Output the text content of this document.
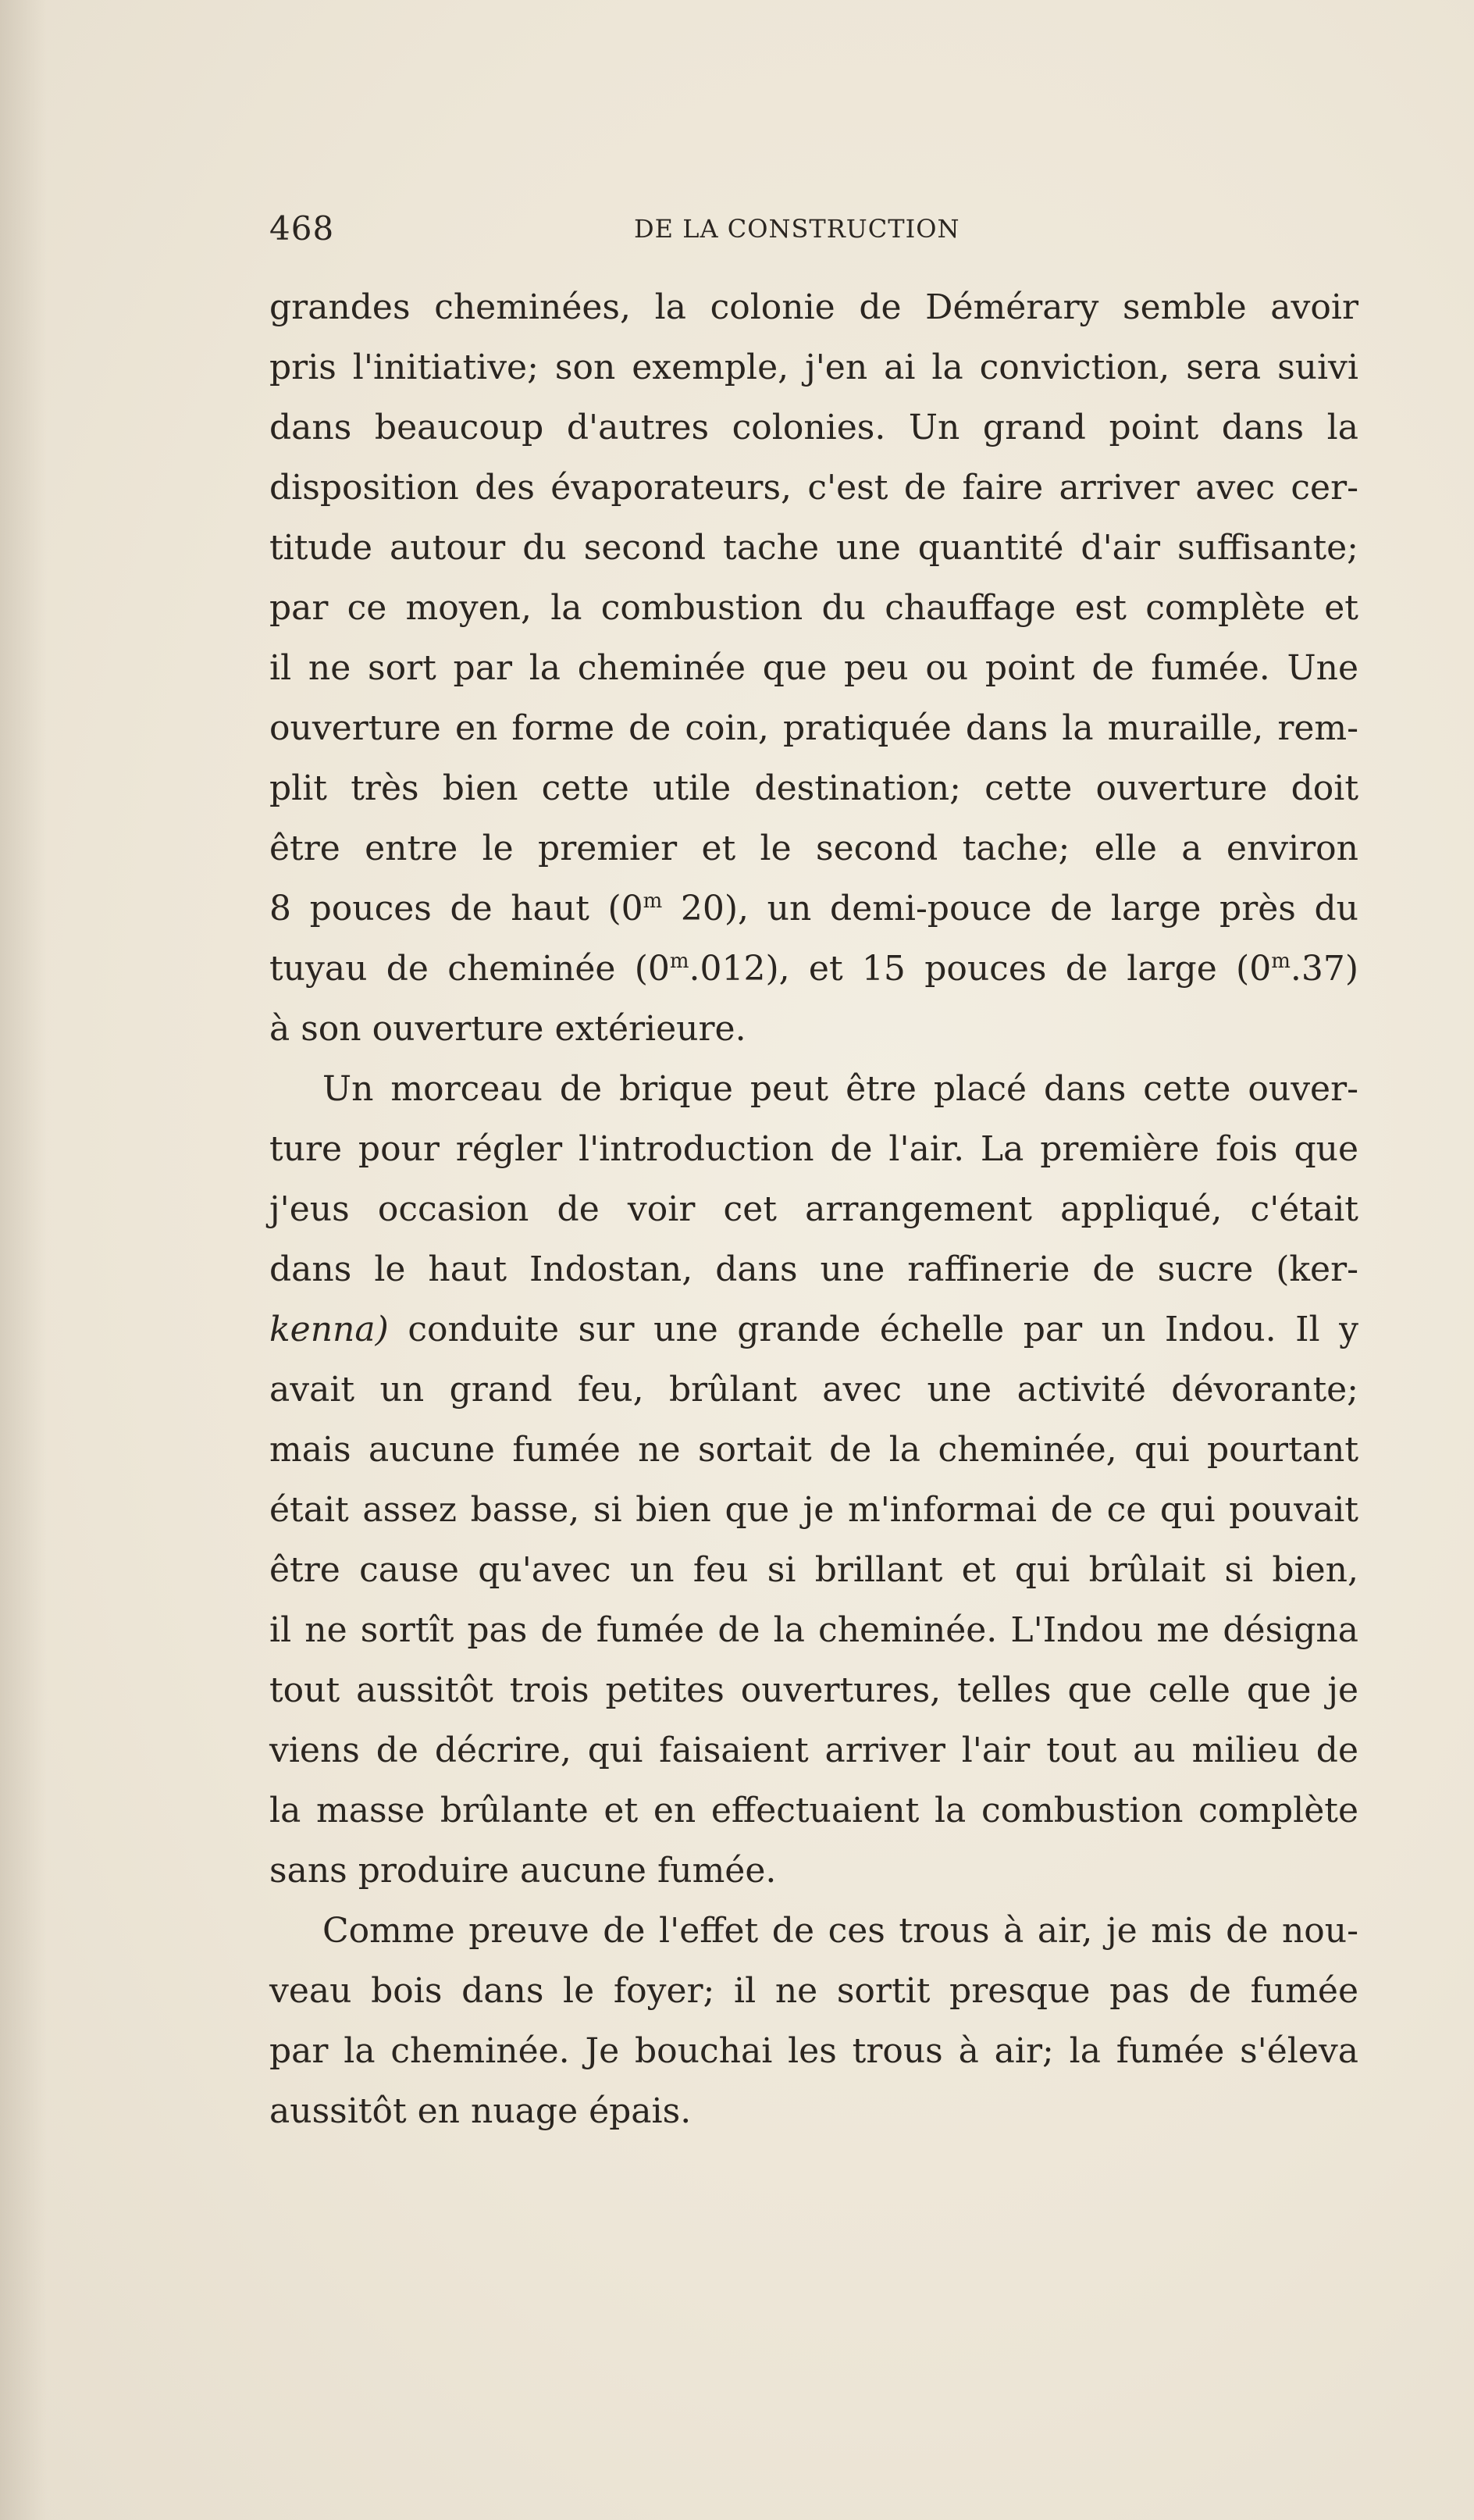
468	DE LA CONSTRUCTION

grandes cheminées, la colonie de Démérary semble avoir
pris l'initiative; son exemple, j'en ai la conviction, sera suivi
dans beaucoup d'autres colonies. Un grand point dans la
disposition des évaporateurs, c'est de faire arriver avec cer-
titude autour du second tache une quantité d'air suffisante;
par ce moyen, la combustion du chauffage est complète et
il ne sort par la cheminée que peu ou point de fumée. Une
ouverture en forme de coin, pratiquée dans la muraille, rem-
plit très bien cette utile destination; cette ouverture doit
être entre le premier et le second tache; elle a environ
8 pouces de haut (0$^m$ 20), un demi-pouce de large près du
tuyau de cheminée (0$^m$.012), et 15 pouces de large (0$^m$.37)
à son ouverture extérieure.

Un morceau de brique peut être placé dans cette ouver-
ture pour régler l'introduction de l'air. La première fois que
j'eus occasion de voir cet arrangement appliqué, c'était
dans le haut Indostan, dans une raffinerie de sucre (ker-
kenna) conduite sur une grande échelle par un Indou. Il y
avait un grand feu, brûlant avec une activité dévorante;
mais aucune fumée ne sortait de la cheminée, qui pourtant
était assez basse, si bien que je m'informai de ce qui pouvait
être cause qu'avec un feu si brillant et qui brûlait si bien,
il ne sortît pas de fumée de la cheminée. L'Indou me désigna
tout aussitôt trois petites ouvertures, telles que celle que je
viens de décrire, qui faisaient arriver l'air tout au milieu de
la masse brûlante et en effectuaient la combustion complète
sans produire aucune fumée.

Comme preuve de l'effet de ces trous à air, je mis de nou-
veau bois dans le foyer; il ne sortit presque pas de fumée
par la cheminée. Je bouchai les trous à air; la fumée s'éleva
aussitôt en nuage épais.
